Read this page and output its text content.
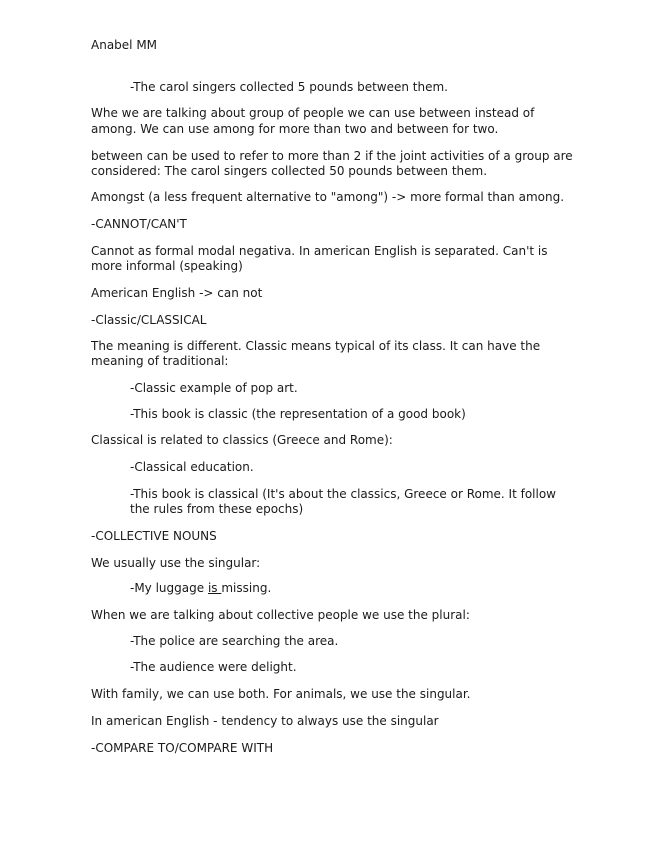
Anabel MM
-The carol singers collected 5 pounds between them.
Whe we are talking about group of people we can use between instead of
among. We can use among for more than two and between for two.
between can be used to refer to more than 2 if the joint activities of a group are
considered: The carol singers collected 50 pounds between them.
Amongst (a less frequent alternative to "among") -> more formal than among.
-CANNOT/CAN'T
Cannot as formal modal negativa. In american English is separated. Can't is
more informal (speaking)
American English -> can not
-Classic/CLASSICAL
The meaning is different. Classic means typical of its class. It can have the
meaning of traditional:
-Classic example of pop art.
-This book is classic (the representation of a good book)
Classical is related to classics (Greece and Rome):
-Classical education.
-This book is classical (It's about the classics, Greece or Rome. It follow
the rules from these epochs)
-COLLECTIVE NOUNS
We usually use the singular:
-My luggage is missing.
When we are talking about collective people we use the plural:
-The police are searching the area.
-The audience were delight.
With family, we can use both. For animals, we use the singular.
In american English - tendency to always use the singular
-COMPARE TO/COMPARE WITH
